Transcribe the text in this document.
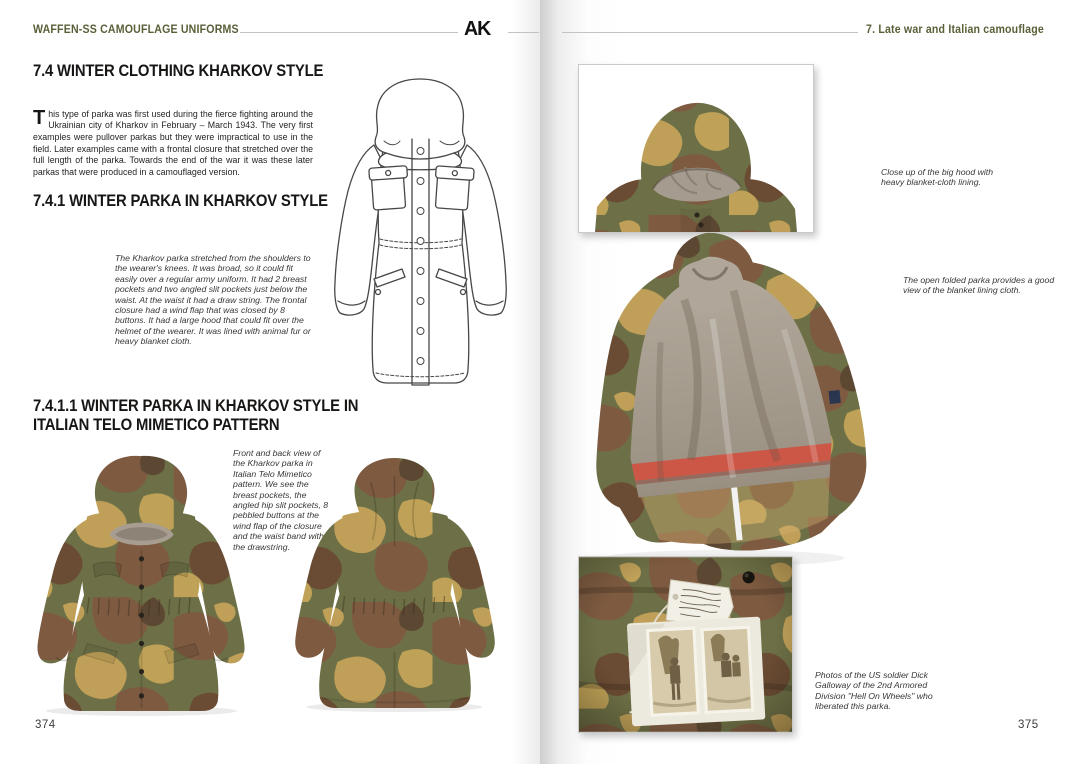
WAFFEN-SS CAMOUFLAGE UNIFORMS	AK	7. Late war and Italian camouflage
7.4 WINTER CLOTHING KHARKOV STYLE

This type of parka was first used during the fierce fighting around the Ukrainian city of Kharkov in February – March 1943. The very first examples were pullover parkas but they were impractical to use in the field. Later examples came with a frontal closure that stretched over the full length of the parka. Towards the end of the war it was these later parkas that were produced in a camouflaged version.

7.4.1 WINTER PARKA IN KHARKOV STYLE
The Kharkov parka stretched from the shoulders to the wearer's knees. It was broad, so it could fit easily over a regular army uniform. It had 2 breast pockets and two angled slit pockets just below the waist. At the waist it had a draw string. The frontal closure had a wind flap that was closed by 8 buttons. It had a large hood that could fit over the helmet of the wearer. It was lined with animal fur or heavy blanket cloth.
7.4.1.1 WINTER PARKA IN KHARKOV STYLE IN ITALIAN TELO MIMETICO PATTERN
Front and back view of the Kharkov parka in Italian Telo Mimetico pattern. We see the breast pockets, the angled hip slit pockets, 8 pebbled buttons at the wind flap of the closure and the waist band with the drawstring.
374
Close up of the big hood with heavy blanket-cloth lining.
The open folded parka provides a good view of the blanket lining cloth.
Photos of the US soldier Dick Galloway of the 2nd Armored Division "Hell On Wheels" who liberated this parka.
375
